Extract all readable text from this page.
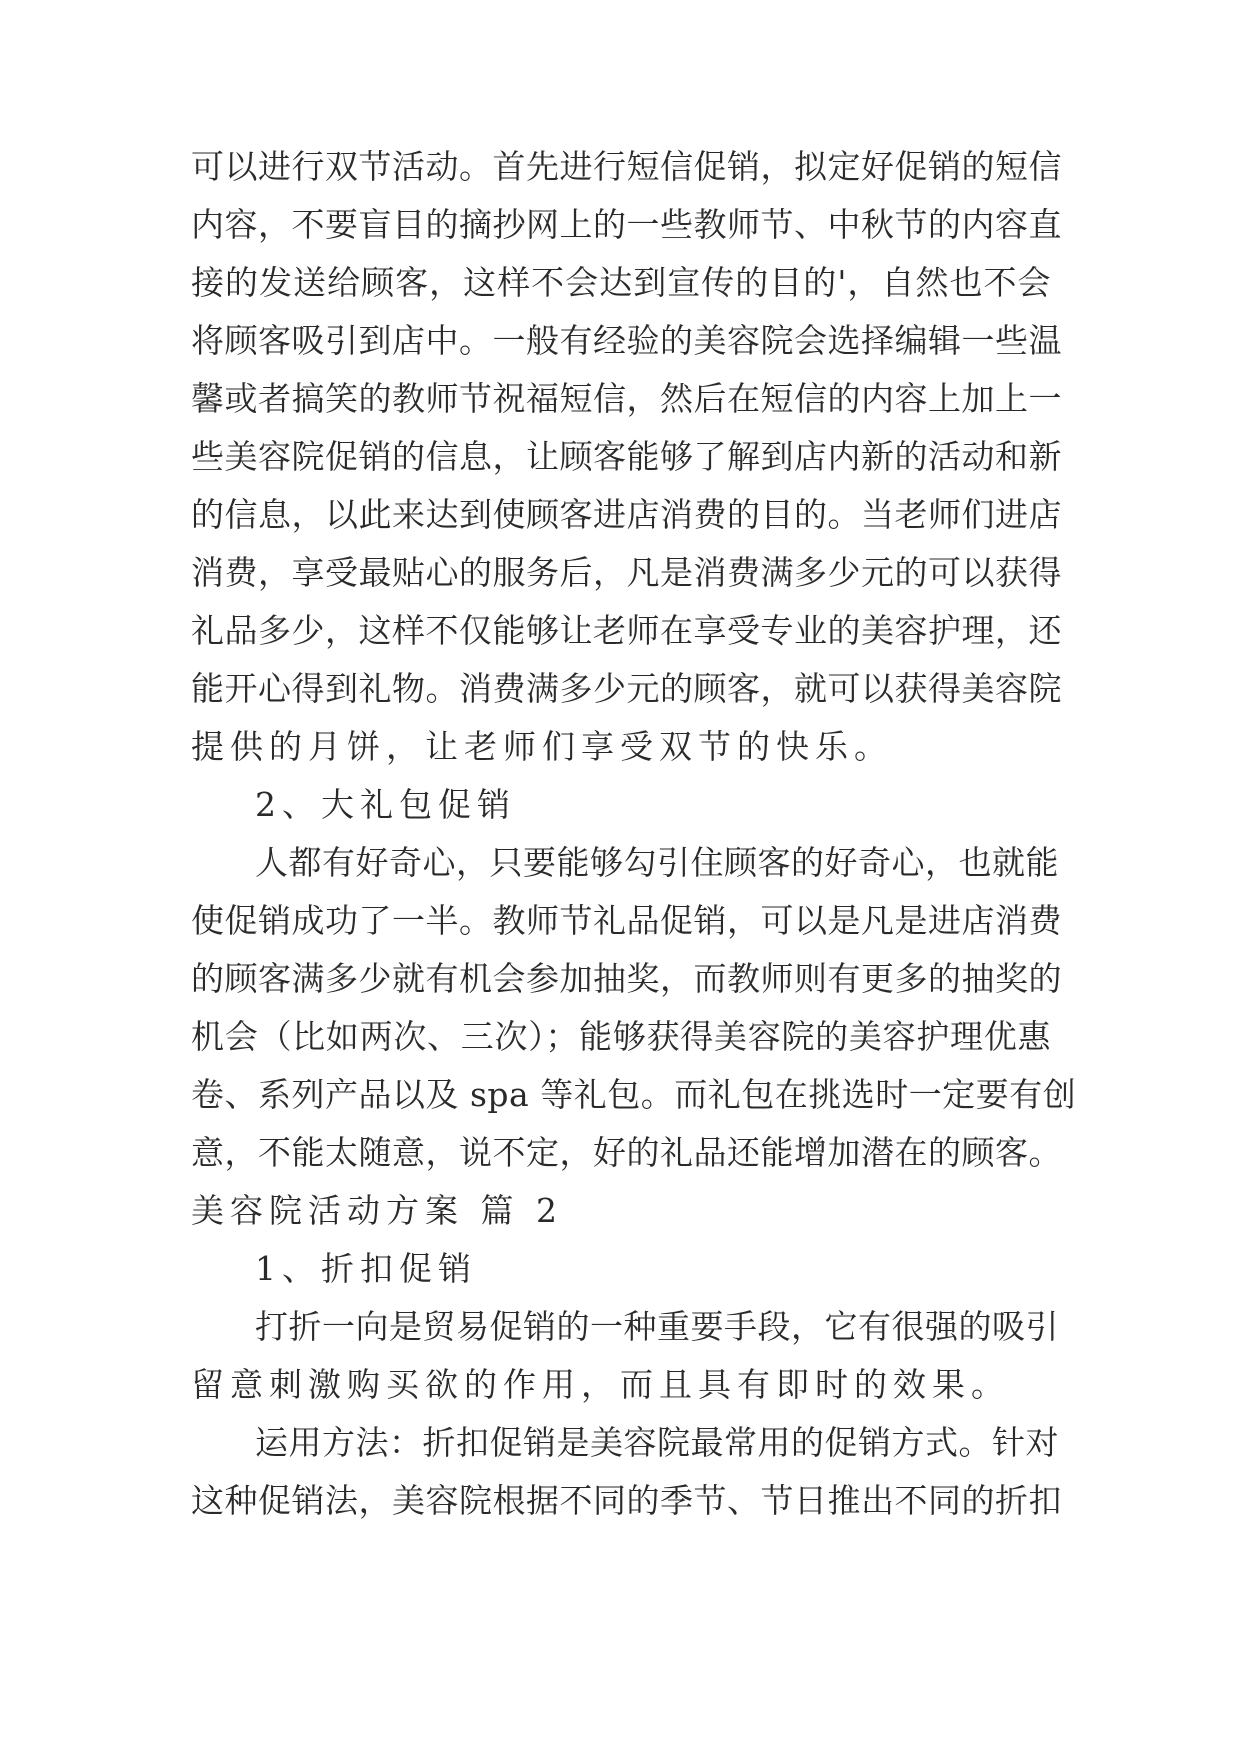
可以进行双节活动。首先进行短信促销，拟定好促销的短信
内容，不要盲目的摘抄网上的一些教师节、中秋节的内容直
接的发送给顾客，这样不会达到宣传的目的'，自然也不会
将顾客吸引到店中。一般有经验的美容院会选择编辑一些温
馨或者搞笑的教师节祝福短信，然后在短信的内容上加上一
些美容院促销的信息，让顾客能够了解到店内新的活动和新
的信息，以此来达到使顾客进店消费的目的。当老师们进店
消费，享受最贴心的服务后，凡是消费满多少元的可以获得
礼品多少，这样不仅能够让老师在享受专业的美容护理，还
能开心得到礼物。消费满多少元的顾客，就可以获得美容院
提供的月饼，让老师们享受双节的快乐。
2、大礼包促销
人都有好奇心，只要能够勾引住顾客的好奇心，也就能
使促销成功了一半。教师节礼品促销，可以是凡是进店消费
的顾客满多少就有机会参加抽奖，而教师则有更多的抽奖的
机会（比如两次、三次）；能够获得美容院的美容护理优惠
卷、系列产品以及 spa 等礼包。而礼包在挑选时一定要有创
意，不能太随意，说不定，好的礼品还能增加潜在的顾客。
美容院活动方案 篇 2
1、折扣促销
打折一向是贸易促销的一种重要手段，它有很强的吸引
留意刺激购买欲的作用，而且具有即时的效果。
运用方法：折扣促销是美容院最常用的促销方式。针对
这种促销法，美容院根据不同的季节、节日推出不同的折扣
